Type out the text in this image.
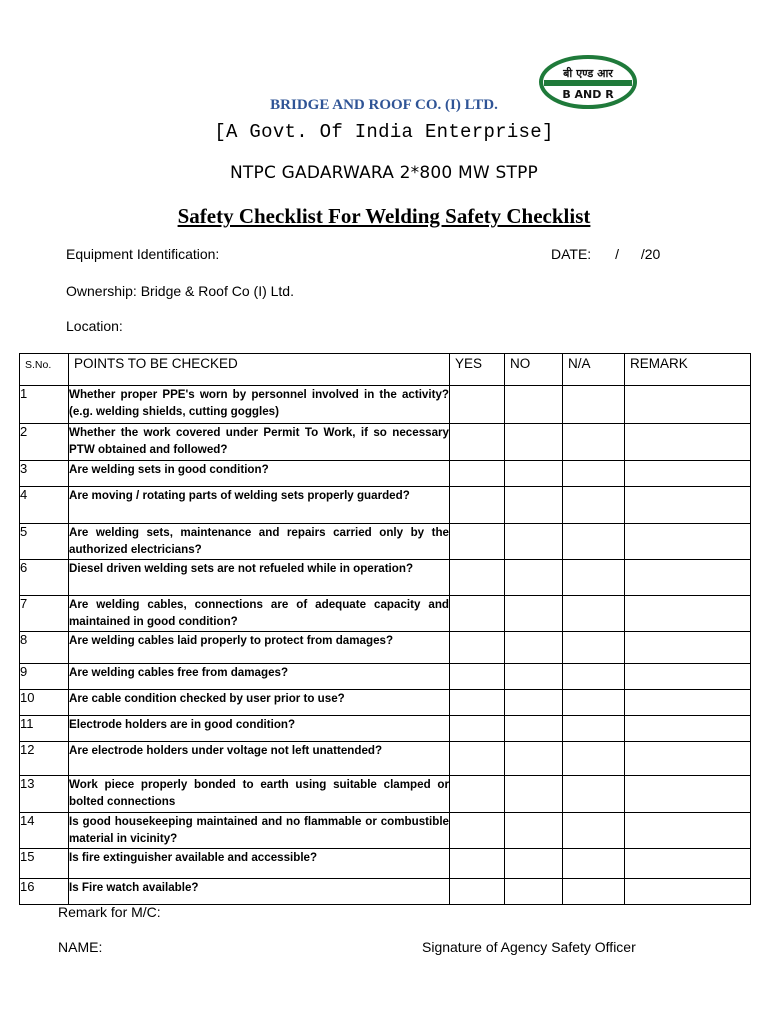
बी एण्ड आर
B AND R
BRIDGE AND ROOF CO. (I) LTD.
[A Govt. Of India Enterprise]
NTPC GADARWARA 2*800 MW STPP
Safety Checklist For Welding Safety Checklist
Equipment Identification:	DATE: / /20
Ownership: Bridge & Roof Co (I) Ltd.
Location:
S.No.	POINTS TO BE CHECKED	YES	NO	N/A	REMARK
1	Whether proper PPE's worn by personnel involved in the activity? (e.g. welding shields, cutting goggles)				
2	Whether the work covered under Permit To Work, if so necessary PTW obtained and followed?				
3	Are welding sets in good condition?				
4	Are moving / rotating parts of welding sets properly guarded?				
5	Are welding sets, maintenance and repairs carried only by the authorized electricians?				
6	Diesel driven welding sets are not refueled while in operation?				
7	Are welding cables, connections are of adequate capacity and maintained in good condition?				
8	Are welding cables laid properly to protect from damages?				
9	Are welding cables free from damages?				
10	Are cable condition checked by user prior to use?				
11	Electrode holders are in good condition?				
12	Are electrode holders under voltage not left unattended?				
13	Work piece properly bonded to earth using suitable clamped or bolted connections				
14	Is good housekeeping maintained and no flammable or combustible material in vicinity?				
15	Is fire extinguisher available and accessible?				
16	Is Fire watch available?				
Remark for M/C:
NAME:	Signature of Agency Safety Officer
